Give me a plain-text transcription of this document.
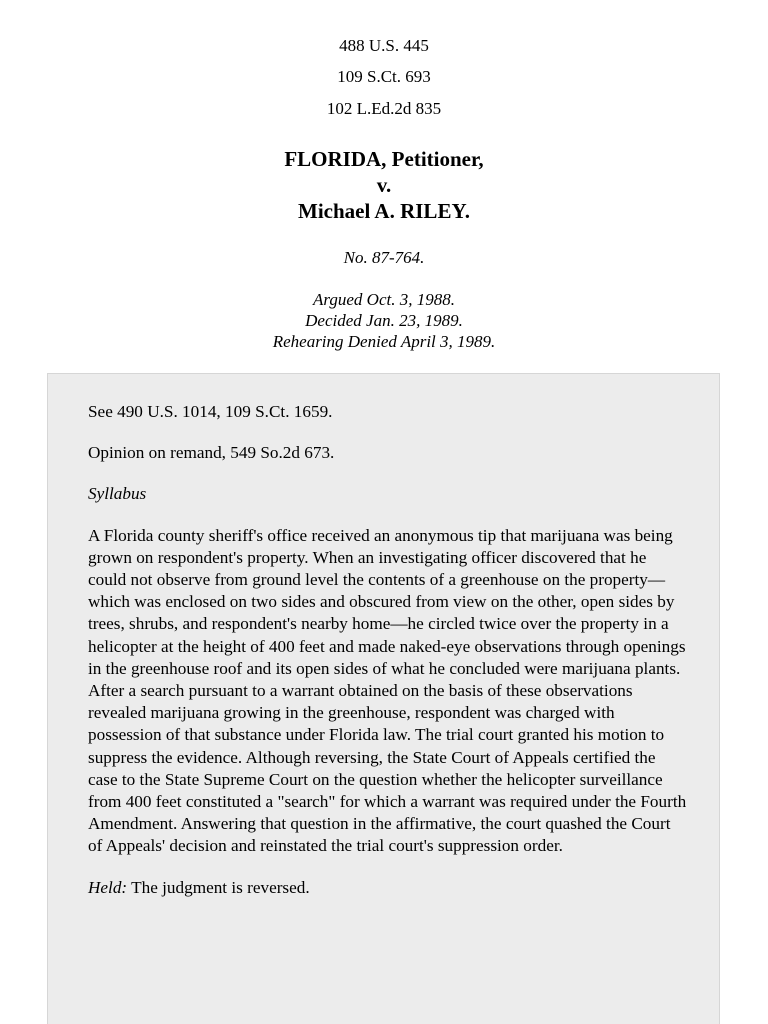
488 U.S. 445
109 S.Ct. 693
102 L.Ed.2d 835
FLORIDA, Petitioner,
v.
Michael A. RILEY.
No. 87-764.
Argued Oct. 3, 1988.
Decided Jan. 23, 1989.
Rehearing Denied April 3, 1989.

See 490 U.S. 1014, 109 S.Ct. 1659.

Opinion on remand, 549 So.2d 673.

Syllabus

A Florida county sheriff's office received an anonymous tip that marijuana was being grown on respondent's property. When an investigating officer discovered that he could not observe from ground level the contents of a greenhouse on the property—which was enclosed on two sides and obscured from view on the other, open sides by trees, shrubs, and respondent's nearby home—he circled twice over the property in a helicopter at the height of 400 feet and made naked-eye observations through openings in the greenhouse roof and its open sides of what he concluded were marijuana plants. After a search pursuant to a warrant obtained on the basis of these observations revealed marijuana growing in the greenhouse, respondent was charged with possession of that substance under Florida law. The trial court granted his motion to suppress the evidence. Although reversing, the State Court of Appeals certified the case to the State Supreme Court on the question whether the helicopter surveillance from 400 feet constituted a "search" for which a warrant was required under the Fourth Amendment. Answering that question in the affirmative, the court quashed the Court of Appeals' decision and reinstated the trial court's suppression order.

Held: The judgment is reversed.
